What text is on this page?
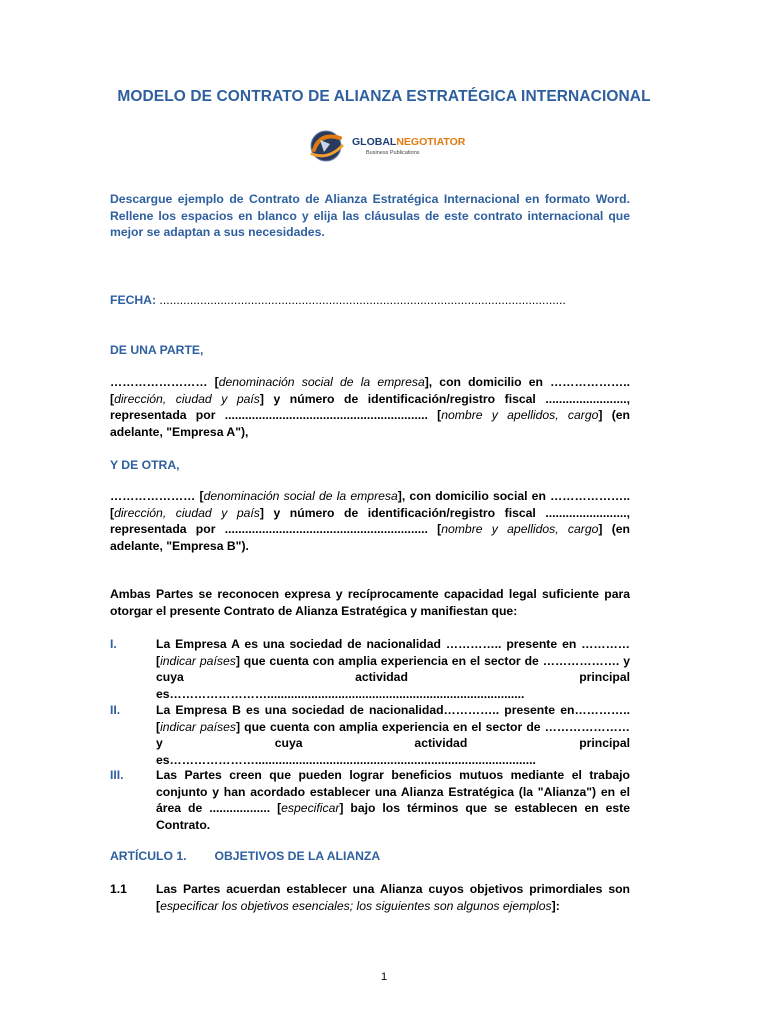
MODELO DE CONTRATO DE ALIANZA ESTRATÉGICA INTERNACIONAL
GLOBALNEGOTIATOR
Business Publications
Descargue ejemplo de Contrato de Alianza Estratégica Internacional en formato Word. Rellene los espacios en blanco y elija las cláusulas de este contrato internacional que mejor se adaptan a sus necesidades.
FECHA: ........................................................................................................................
DE UNA PARTE,
…………………… [denominación social de la empresa], con domicilio en ……………….. [dirección, ciudad y país] y número de identificación/registro fiscal ........................, representada por ............................................................ [nombre y apellidos, cargo] (en adelante, "Empresa A"),
Y DE OTRA,
………………… [denominación social de la empresa], con domicilio social en ……………….. [dirección, ciudad y país] y número de identificación/registro fiscal ........................, representada por ............................................................ [nombre y apellidos, cargo] (en adelante, "Empresa B").
Ambas Partes se reconocen expresa y recíprocamente capacidad legal suficiente para otorgar el presente Contrato de Alianza Estratégica y manifiestan que:
I.	La Empresa A es una sociedad de nacionalidad ………….. presente en ………… [indicar países] que cuenta con amplia experiencia en el sector de ………………. y cuya actividad principal es……………………............................................................................
II.	La Empresa B es una sociedad de nacionalidad………….. presente en………….. [indicar países] que cuenta con amplia experiencia en el sector de ………………… y cuya actividad principal es…………………...................................................................................
III.	Las Partes creen que pueden lograr beneficios mutuos mediante el trabajo conjunto y han acordado establecer una Alianza Estratégica (la "Alianza") en el área de .................. [especificar] bajo los términos que se establecen en este Contrato.
ARTÍCULO 1. OBJETIVOS DE LA ALIANZA
1.1 Las Partes acuerdan establecer una Alianza cuyos objetivos primordiales son [especificar los objetivos esenciales; los siguientes son algunos ejemplos]:
1
